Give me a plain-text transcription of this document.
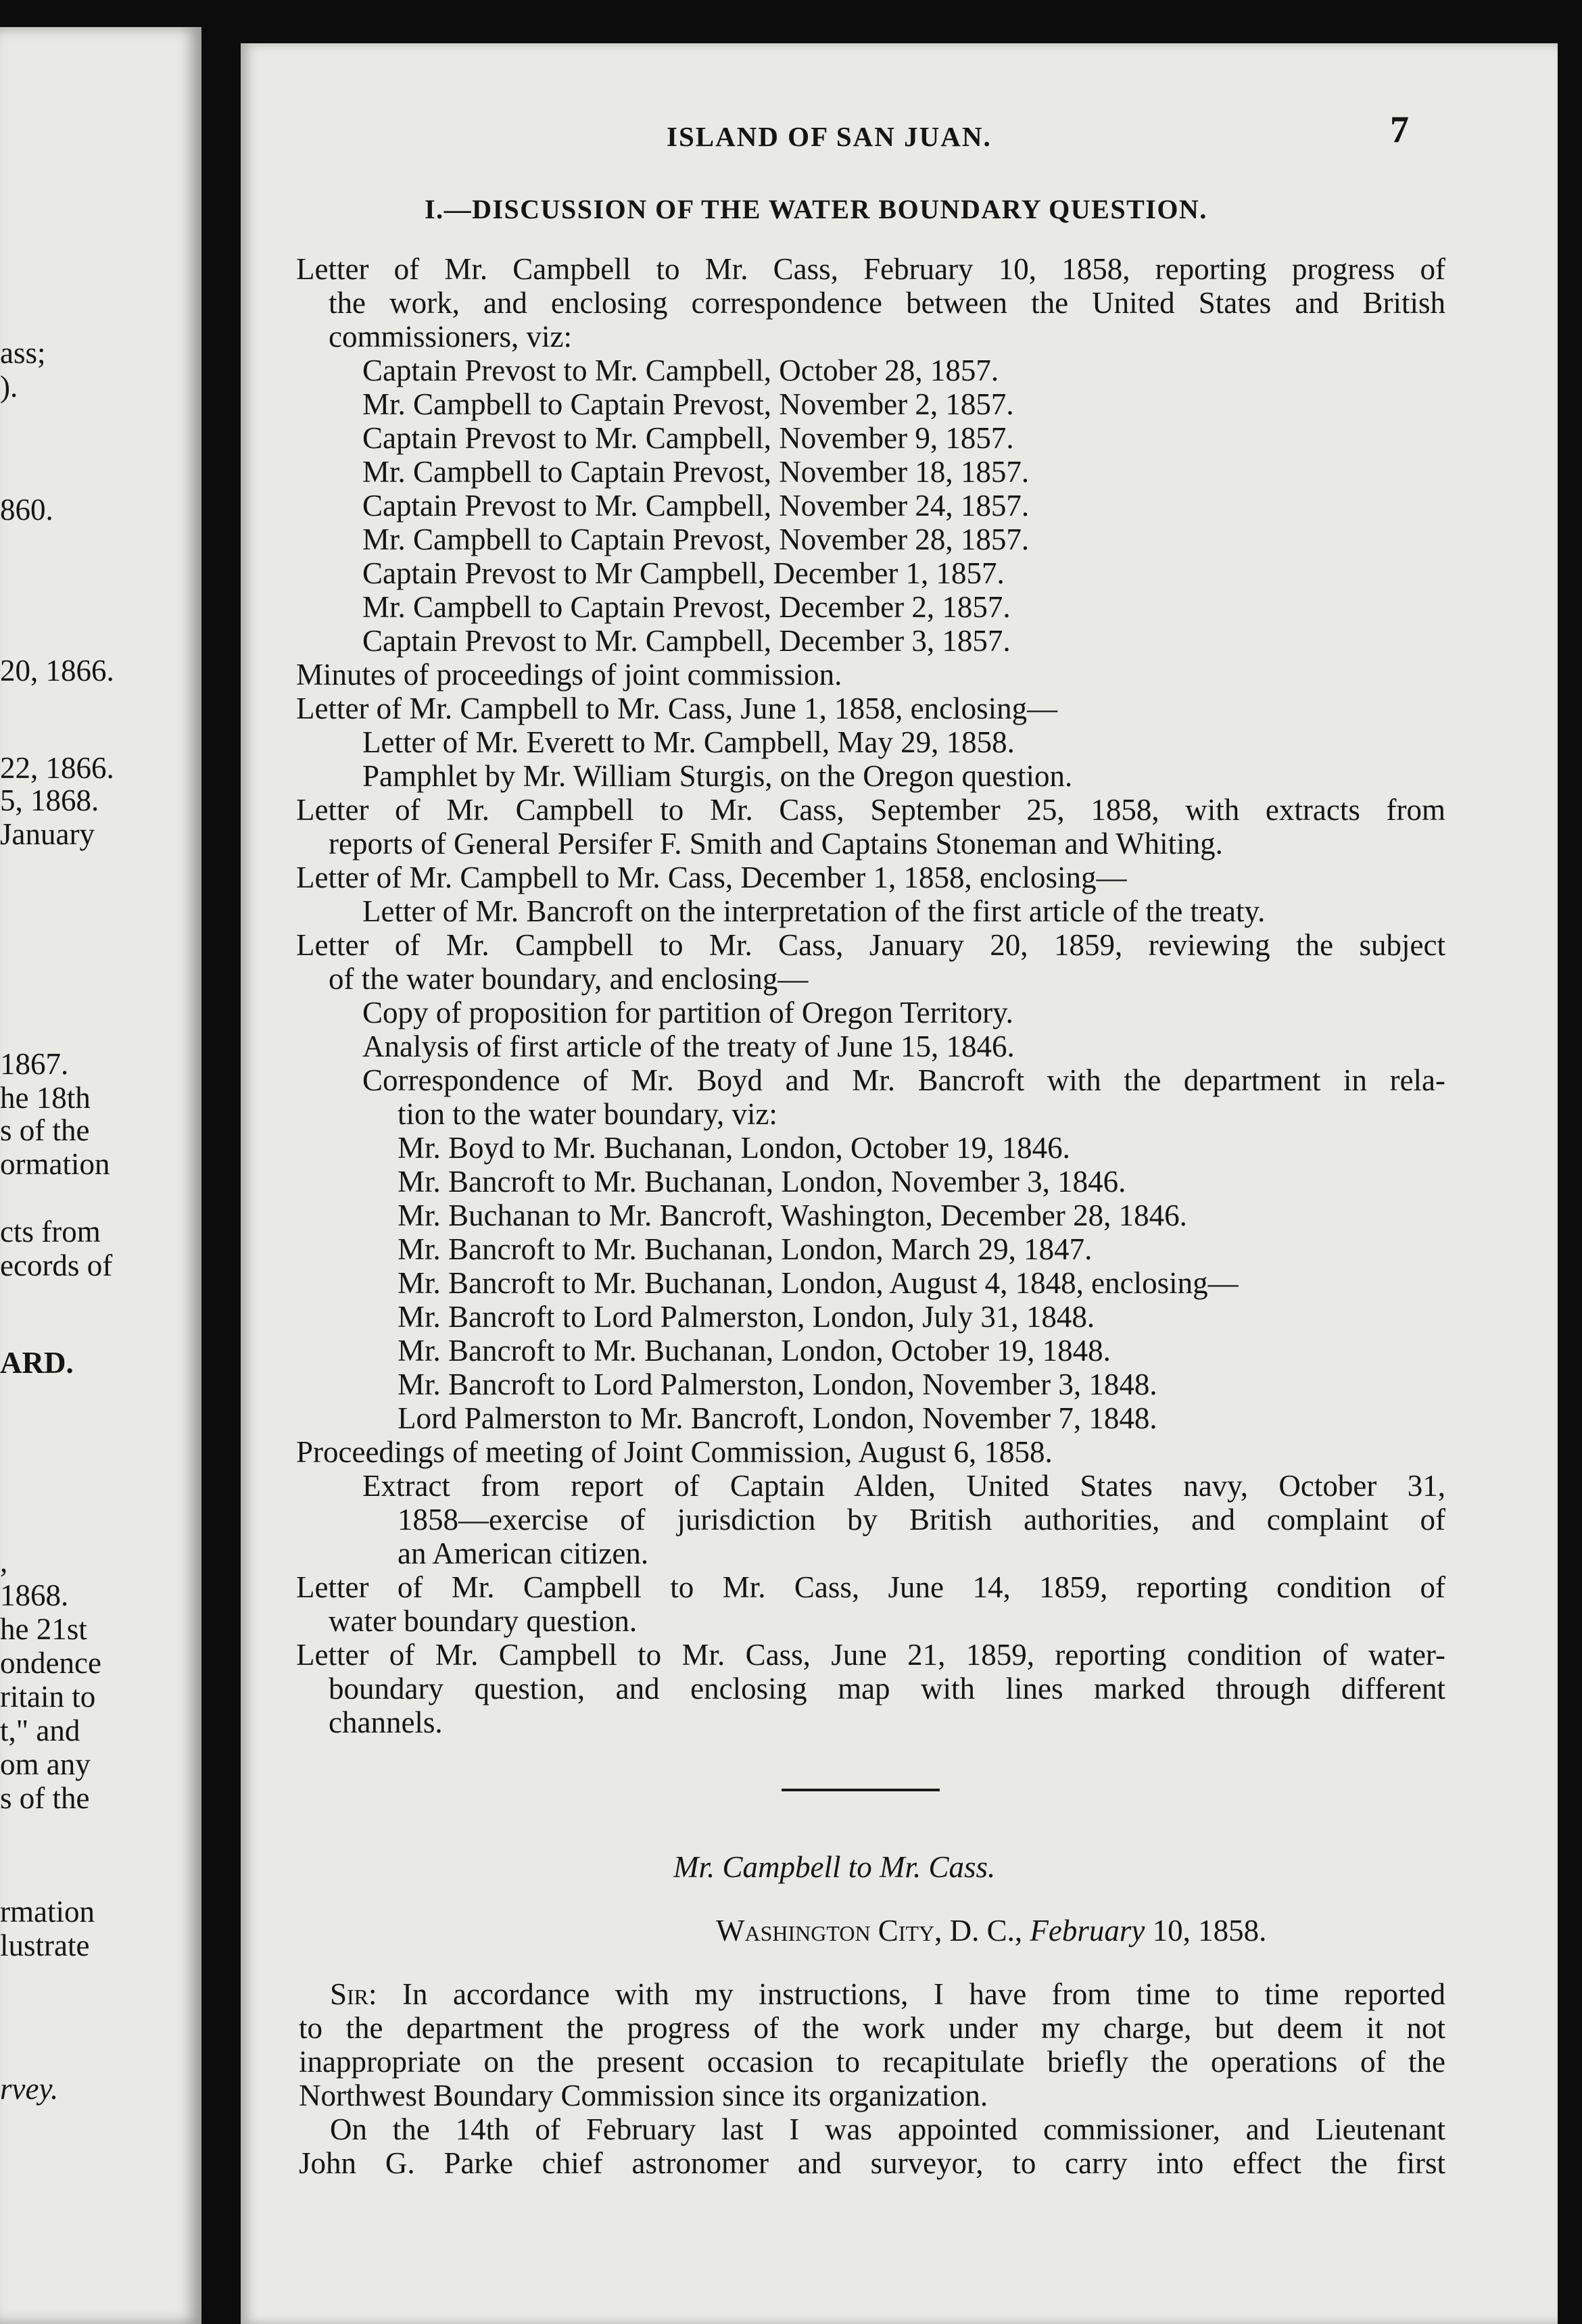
ass;
).
860.
20, 1866.
22, 1866.
5, 1868.
January
1867.
he 18th
s of the
ormation
cts from
ecords of
ARD.
,
1868.
he 21st
ondence
ritain to
t," and
om any
s of the
rmation
lustrate
rvey.
ISLAND OF SAN JUAN.	7
I.—DISCUSSION OF THE WATER BOUNDARY QUESTION.
Letter of Mr. Campbell to Mr. Cass, February 10, 1858, reporting progress of
the work, and enclosing correspondence between the United States and British
commissioners, viz:
Captain Prevost to Mr. Campbell, October 28, 1857.
Mr. Campbell to Captain Prevost, November 2, 1857.
Captain Prevost to Mr. Campbell, November 9, 1857.
Mr. Campbell to Captain Prevost, November 18, 1857.
Captain Prevost to Mr. Campbell, November 24, 1857.
Mr. Campbell to Captain Prevost, November 28, 1857.
Captain Prevost to Mr Campbell, December 1, 1857.
Mr. Campbell to Captain Prevost, December 2, 1857.
Captain Prevost to Mr. Campbell, December 3, 1857.
Minutes of proceedings of joint commission.
Letter of Mr. Campbell to Mr. Cass, June 1, 1858, enclosing—
Letter of Mr. Everett to Mr. Campbell, May 29, 1858.
Pamphlet by Mr. William Sturgis, on the Oregon question.
Letter of Mr. Campbell to Mr. Cass, September 25, 1858, with extracts from
reports of General Persifer F. Smith and Captains Stoneman and Whiting.
Letter of Mr. Campbell to Mr. Cass, December 1, 1858, enclosing—
Letter of Mr. Bancroft on the interpretation of the first article of the treaty.
Letter of Mr. Campbell to Mr. Cass, January 20, 1859, reviewing the subject
of the water boundary, and enclosing—
Copy of proposition for partition of Oregon Territory.
Analysis of first article of the treaty of June 15, 1846.
Correspondence of Mr. Boyd and Mr. Bancroft with the department in rela-
tion to the water boundary, viz:
Mr. Boyd to Mr. Buchanan, London, October 19, 1846.
Mr. Bancroft to Mr. Buchanan, London, November 3, 1846.
Mr. Buchanan to Mr. Bancroft, Washington, December 28, 1846.
Mr. Bancroft to Mr. Buchanan, London, March 29, 1847.
Mr. Bancroft to Mr. Buchanan, London, August 4, 1848, enclosing—
Mr. Bancroft to Lord Palmerston, London, July 31, 1848.
Mr. Bancroft to Mr. Buchanan, London, October 19, 1848.
Mr. Bancroft to Lord Palmerston, London, November 3, 1848.
Lord Palmerston to Mr. Bancroft, London, November 7, 1848.
Proceedings of meeting of Joint Commission, August 6, 1858.
Extract from report of Captain Alden, United States navy, October 31,
1858—exercise of jurisdiction by British authorities, and complaint of
an American citizen.
Letter of Mr. Campbell to Mr. Cass, June 14, 1859, reporting condition of
water boundary question.
Letter of Mr. Campbell to Mr. Cass, June 21, 1859, reporting condition of water-
boundary question, and enclosing map with lines marked through different
channels.
Mr. Campbell to Mr. Cass.
Washington City, D. C., February 10, 1858.
Sir: In accordance with my instructions, I have from time to time reported
to the department the progress of the work under my charge, but deem it not
inappropriate on the present occasion to recapitulate briefly the operations of the
Northwest Boundary Commission since its organization.
On the 14th of February last I was appointed commissioner, and Lieutenant
John G. Parke chief astronomer and surveyor, to carry into effect the first
